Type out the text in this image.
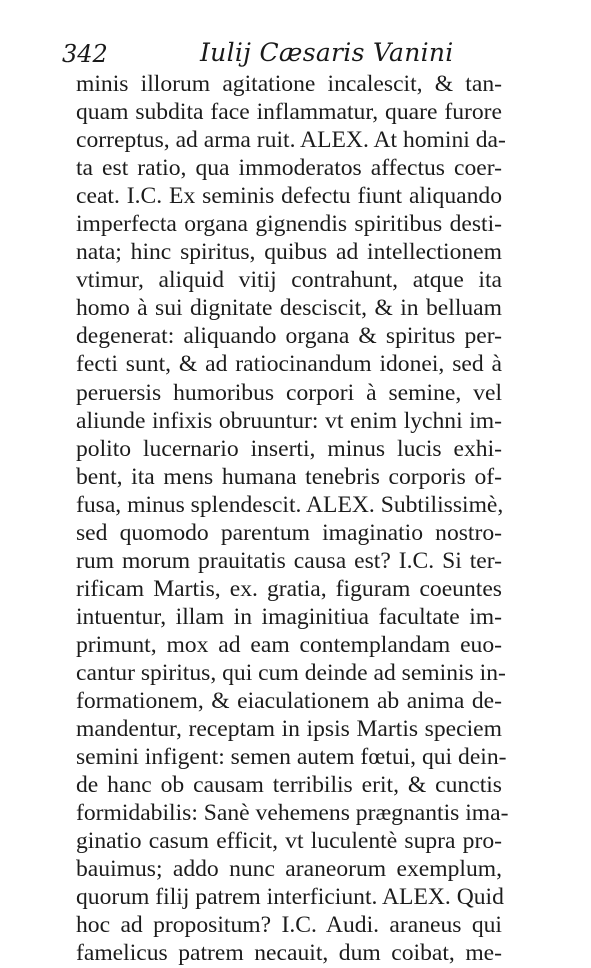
342	Iulij Cæsaris Vanini
minis illorum agitatione incalescit, & tan-
quam subdita face inflammatur, quare furore
correptus, ad arma ruit. ALEX. At homini da-
ta est ratio, qua immoderatos affectus coer-
ceat. I.C. Ex seminis defectu fiunt aliquando
imperfecta organa gignendis spiritibus desti-
nata; hinc spiritus, quibus ad intellectionem
vtimur, aliquid vitij contrahunt, atque ita
homo à sui dignitate desciscit, & in belluam
degenerat: aliquando organa & spiritus per-
fecti sunt, & ad ratiocinandum idonei, sed à
peruersis humoribus corpori à semine, vel
aliunde infixis obruuntur: vt enim lychni im-
polito lucernario inserti, minus lucis exhi-
bent, ita mens humana tenebris corporis of-
fusa, minus splendescit. ALEX. Subtilissimè,
sed quomodo parentum imaginatio nostro-
rum morum prauitatis causa est? I.C. Si ter-
rificam Martis, ex. gratia, figuram coeuntes
intuentur, illam in imaginitiua facultate im-
primunt, mox ad eam contemplandam euo-
cantur spiritus, qui cum deinde ad seminis in-
formationem, & eiaculationem ab anima de-
mandentur, receptam in ipsis Martis speciem
semini infigent: semen autem fœtui, qui dein-
de hanc ob causam terribilis erit, & cunctis
formidabilis: Sanè vehemens prægnantis ima-
ginatio casum efficit, vt luculentè supra pro-
bauimus; addo nunc araneorum exemplum,
quorum filij patrem interficiunt. ALEX. Quid
hoc ad propositum? I.C. Audi. araneus qui
famelicus patrem necauit, dum coibat, me-
